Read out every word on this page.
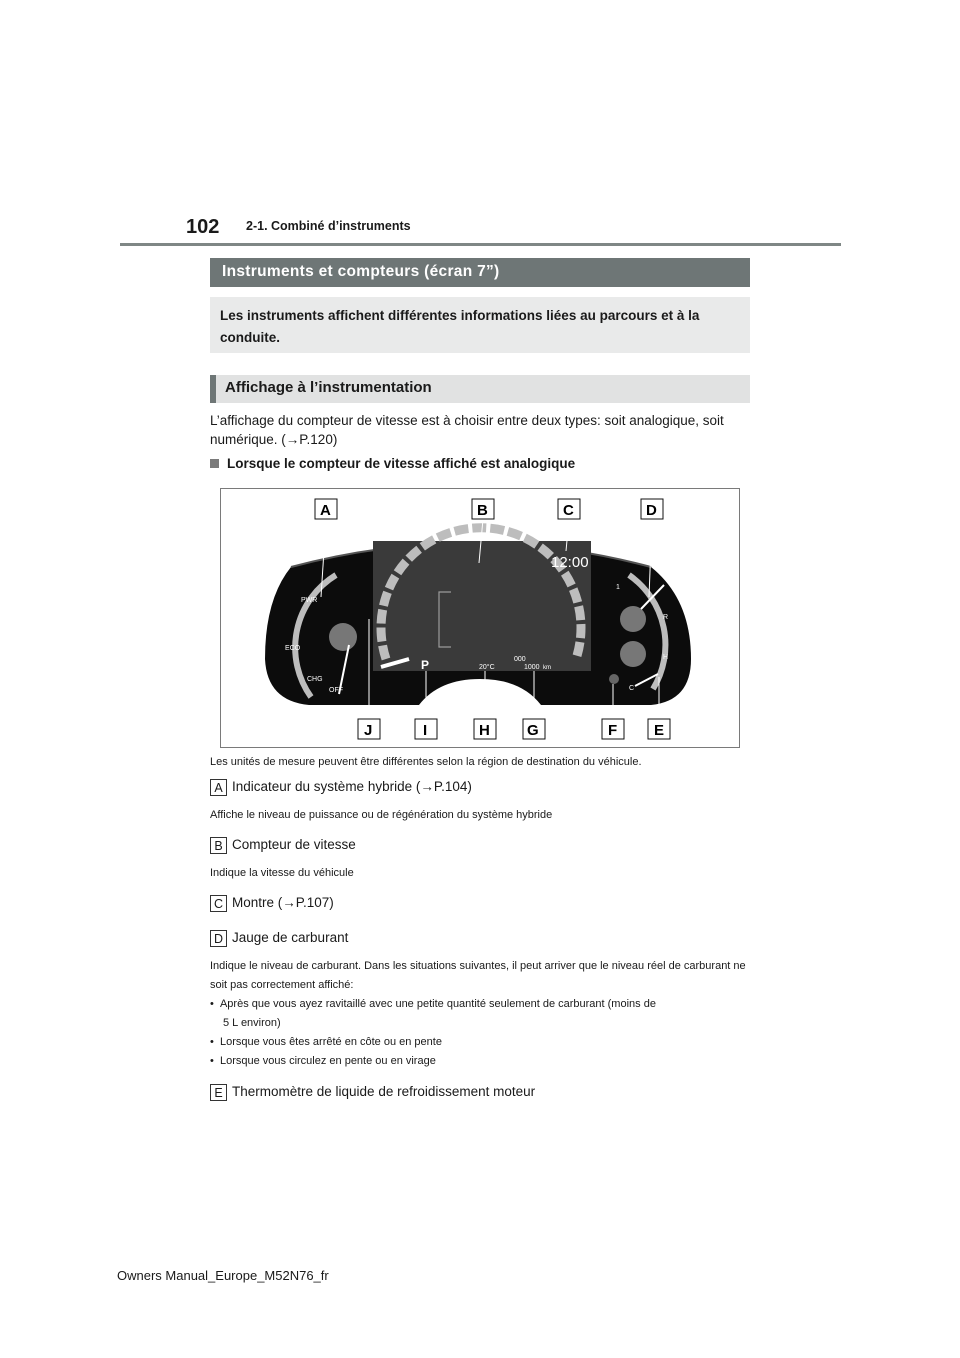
102 2-1. Combiné d’instruments
Instruments et compteurs (écran 7”)
Les instruments affichent différentes informations liées au parcours et à la conduite.
Affichage à l’instrumentation
L’affichage du compteur de vitesse est à choisir entre deux types: soit analogique, soit numérique. (→P.120)
Lorsque le compteur de vitesse affiché est analogique
12:00
P	20°C
000
1000 km
PWR
ECO
CHG
OFF
1
R
H
C
A	B	C	D
J	I	H G	F E
Les unités de mesure peuvent être différentes selon la région de destination du véhicule.
A Indicateur du système hybride (→P.104)
Affiche le niveau de puissance ou de régénération du système hybride
B Compteur de vitesse
Indique la vitesse du véhicule
C Montre (→P.107)
D Jauge de carburant
Indique le niveau de carburant. Dans les situations suivantes, il peut arriver que le niveau réel de carburant ne soit pas correctement affiché:
•  Après que vous ayez ravitaillé avec une petite quantité seulement de carburant (moins de
5 L environ)
•  Lorsque vous êtes arrêté en côte ou en pente
•  Lorsque vous circulez en pente ou en virage
E Thermomètre de liquide de refroidissement moteur
Owners Manual_Europe_M52N76_fr
